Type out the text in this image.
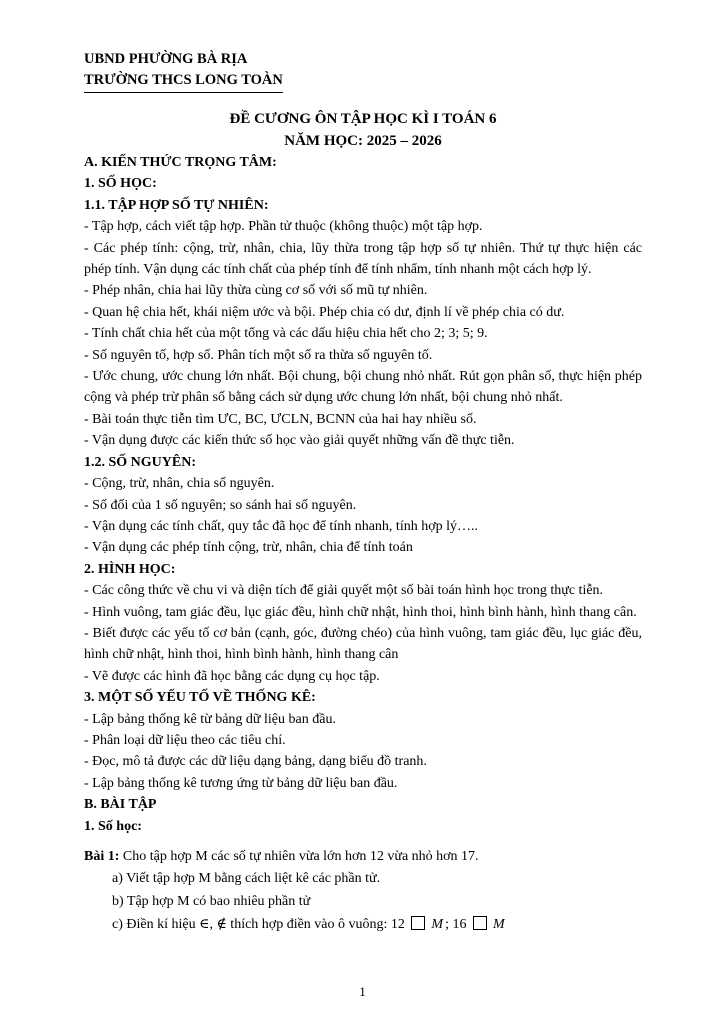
UBND PHƯỜNG BÀ RỊA
TRƯỜNG THCS LONG TOÀN
ĐỀ CƯƠNG ÔN TẬP HỌC KÌ I TOÁN 6
NĂM HỌC: 2025 – 2026
A. KIẾN THỨC TRỌNG TÂM:
1. SỐ HỌC:
1.1. TẬP HỢP SỐ TỰ NHIÊN:
- Tập hợp, cách viết tập hợp. Phần tử thuộc (không thuộc) một tập hợp.
- Các phép tính: cộng, trừ, nhân, chia, lũy thừa trong tập hợp số tự nhiên. Thứ tự thực hiện các phép tính. Vận dụng các tính chất của phép tính để tính nhẩm, tính nhanh một cách hợp lý.
- Phép nhân, chia hai lũy thừa cùng cơ số với số mũ tự nhiên.
- Quan hệ chia hết, khái niệm ước và bội. Phép chia có dư, định lí về phép chia có dư.
- Tính chất chia hết của một tổng và các dấu hiệu chia hết cho 2; 3; 5; 9.
- Số nguyên tố, hợp số. Phân tích một số ra thừa số nguyên tố.
- Ước chung, ước chung lớn nhất. Bội chung, bội chung nhỏ nhất. Rút gọn phân số, thực hiện phép cộng và phép trừ phân số bằng cách sử dụng ước chung lớn nhất, bội chung nhỏ nhất.
- Bài toán thực tiễn tìm ƯC, BC, ƯCLN, BCNN của hai hay nhiều số.
- Vận dụng được các kiến thức số học vào giải quyết những vấn đề thực tiễn.
1.2. SỐ NGUYÊN:
- Cộng, trừ, nhân, chia số nguyên.
- Số đối của 1 số nguyên; so sánh hai số nguyên.
- Vận dụng các tính chất, quy tắc đã học để tính nhanh, tính hợp lý…..
- Vận dụng các phép tính cộng, trừ, nhân, chia để tính toán
2. HÌNH HỌC:
- Các công thức về chu vi và diện tích để giải quyết một số bài toán hình học trong thực tiễn.
- Hình vuông, tam giác đều, lục giác đều, hình chữ nhật, hình thoi, hình bình hành, hình thang cân.
- Biết được các yếu tố cơ bản (cạnh, góc, đường chéo) của hình vuông, tam giác đều, lục giác đều, hình chữ nhật, hình thoi, hình bình hành, hình thang cân
- Vẽ được các hình đã học bằng các dụng cụ học tập.
3. MỘT SỐ YẾU TỐ VỀ THỐNG KÊ:
- Lập bảng thống kê từ bảng dữ liệu ban đầu.
- Phân loại dữ liệu theo các tiêu chí.
- Đọc, mô tả được các dữ liệu dạng bảng, dạng biểu đồ tranh.
- Lập bảng thống kê tương ứng từ bảng dữ liệu ban đầu.
B. BÀI TẬP
1. Số học:
Bài 1: Cho tập hợp M các số tự nhiên vừa lớn hơn 12 vừa nhỏ hơn 17.
a) Viết tập hợp M bằng cách liệt kê các phần tử.
b) Tập hợp M có bao nhiêu phần tử
c) Điền kí hiệu ∈, ∉ thích hợp điền vào ô vuông: 12 M ; 16 M
1
